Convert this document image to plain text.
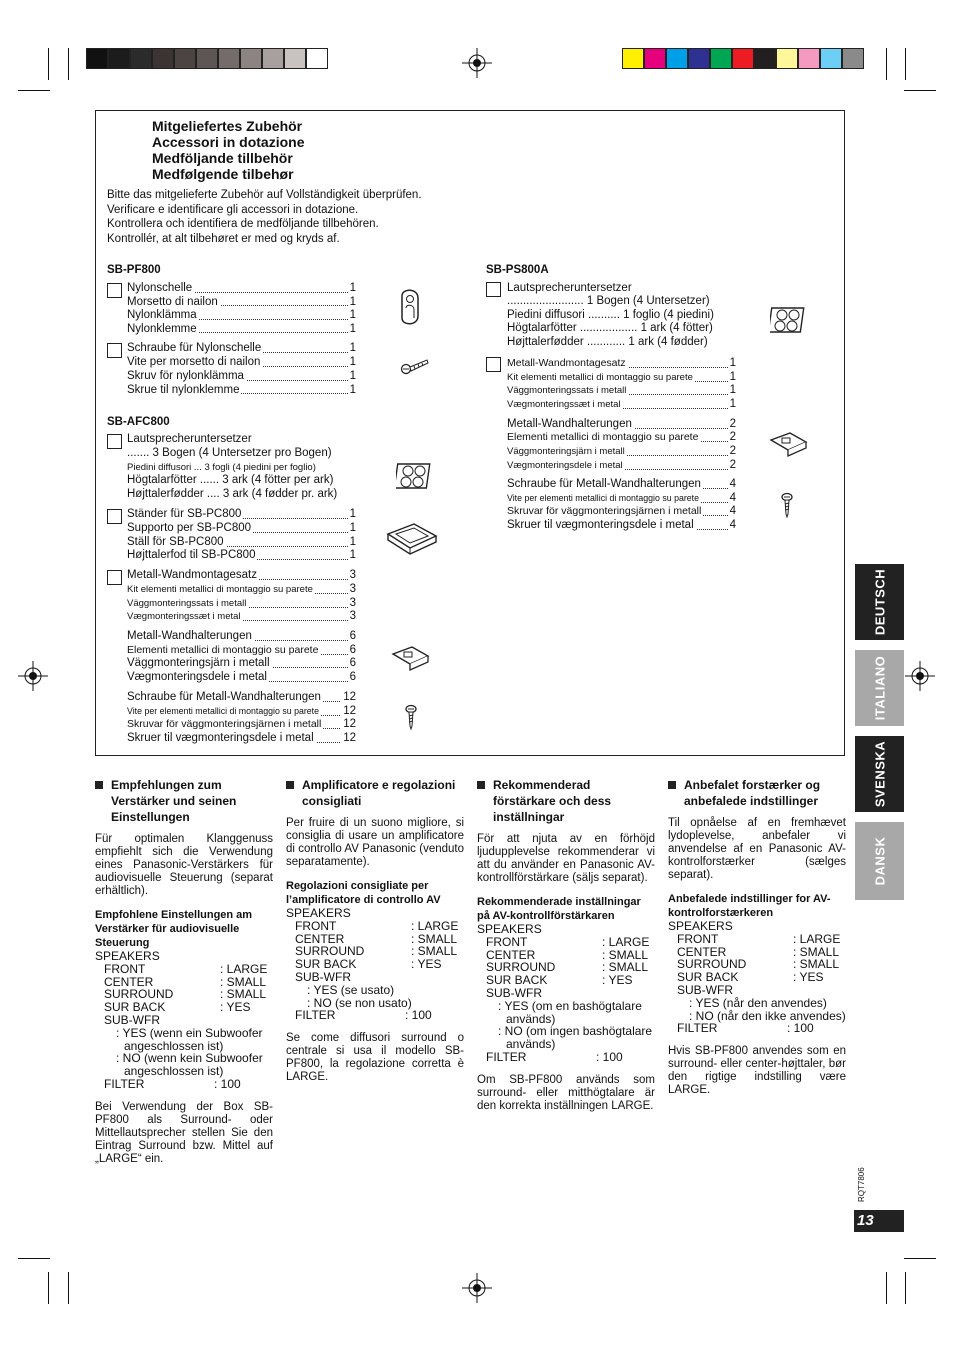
Mitgeliefertes Zubehör
Accessori in dotazione
Medföljande tillbehör
Medfølgende tilbehør
Bitte das mitgelieferte Zubehör auf Vollständigkeit überprüfen.
Verificare e identificare gli accessori in dotazione.
Kontrollera och identifiera de medföljande tillbehören.
Kontrollér, at alt tilbehøret er med og kryds af.
SB-PF800
Nylonschelle	1
Morsetto di nailon	1
Nylonklämma	1
Nylonklemme	1
Schraube für Nylonschelle	1
Vite per morsetto di nailon	1
Skruv för nylonklämma	1
Skrue til nylonklemme	1
SB-AFC800
Lautsprecheruntersetzer
....... 3 Bogen (4 Untersetzer pro Bogen)
Piedini diffusori ... 3 fogli (4 piedini per foglio)
Högtalarfötter ...... 3 ark (4 fötter per ark)
Højttalerfødder .... 3 ark (4 fødder pr. ark)
Ständer für SB-PC800	1
Supporto per SB-PC800	1
Ställ för SB-PC800	1
Højttalerfod til SB-PC800	1
Metall-Wandmontagesatz	3
Kit elementi metallici di montaggio su parete	3
Väggmonteringssats i metall	3
Vægmonteringssæt i metal	3
Metall-Wandhalterungen	6
Elementi metallici di montaggio su parete	6
Väggmonteringsjärn i metall	6
Vægmonteringsdele i metal	6
Schraube für Metall-Wandhalterungen 12
Vite per elementi metallici di montaggio su parete 12
Skruvar för väggmonteringsjärnen i metall 12
Skruer til vægmonteringsdele i metal	12
SB-PS800A
Lautsprecheruntersetzer
........................ 1 Bogen (4 Untersetzer)
Piedini diffusori .......... 1 foglio (4 piedini)
Högtalarfötter .................. 1 ark (4 fötter)
Højttalerfødder ............ 1 ark (4 fødder)
Metall-Wandmontagesatz	1
Kit elementi metallici di montaggio su parete	1
Väggmonteringssats i metall	1
Vægmonteringssæt i metal	1
Metall-Wandhalterungen	2
Elementi metallici di montaggio su parete	2
Väggmonteringsjärn i metall	2
Vægmonteringsdele i metal	2
Schraube für Metall-Wandhalterungen 4
Vite per elementi metallici di montaggio su parete	4
Skruvar för väggmonteringsjärnen i metall 4
Skruer til vægmonteringsdele i metal	4
Empfehlungen zum Verstärker und seinen Einstellungen
Für optimalen Klanggenuss empfiehlt sich die Verwendung eines Panasonic-Verstärkers für audiovisuelle Steuerung (separat erhältlich).
Empfohlene Einstellungen am Verstärker für audiovisuelle Steuerung
SPEAKERS
FRONT	: LARGE
CENTER	: SMALL
SURROUND	: SMALL
SUR BACK	: YES
SUB-WFR
: YES (wenn ein Subwoofer angeschlossen ist)
: NO (wenn kein Subwoofer angeschlossen ist)
FILTER	: 100
Bei Verwendung der Box SB-PF800 als Surround- oder Mittellautsprecher stellen Sie den Eintrag Surround bzw. Mittel auf „LARGE“ ein.
Amplificatore e regolazioni consigliati
Per fruire di un suono migliore, si consiglia di usare un amplificatore di controllo AV Panasonic (venduto separatamente).
Regolazioni consigliate per l’amplificatore di controllo AV
SPEAKERS
FRONT	: LARGE
CENTER	: SMALL
SURROUND	: SMALL
SUR BACK	: YES
SUB-WFR
: YES (se usato)
: NO (se non usato)
FILTER	: 100
Se come diffusori surround o centrale si usa il modello SB-PF800, la regolazione corretta è LARGE.
Rekommenderad förstärkare och dess inställningar
För att njuta av en förhöjd ljudupplevelse rekommenderar vi att du använder en Panasonic AV-kontrollförstärkare (säljs separat).
Rekommenderade inställningar på AV-kontrollförstärkaren
SPEAKERS
FRONT	: LARGE
CENTER	: SMALL
SURROUND	: SMALL
SUR BACK	: YES
SUB-WFR
: YES (om en bashögtalare används)
: NO (om ingen bashögtalare används)
FILTER	: 100
Om SB-PF800 används som surround- eller mitthögtalare är den korrekta inställningen LARGE.
Anbefalet forstærker og anbefalede indstillinger
Til opnåelse af en fremhævet lydoplevelse, anbefaler vi anvendelse af en Panasonic AV-kontrolforstærker (sælges separat).
Anbefalede indstillinger for AV-kontrolforstærkeren
SPEAKERS
FRONT	: LARGE
CENTER	: SMALL
SURROUND	: SMALL
SUR BACK	: YES
SUB-WFR
: YES (når den anvendes)
: NO (når den ikke anvendes)
FILTER	: 100
Hvis SB-PF800 anvendes som en surround- eller center-højttaler, bør den rigtige indstilling være LARGE.
DEUTSCH
ITALIANO
SVENSKA
DANSK
RQT7806
13
